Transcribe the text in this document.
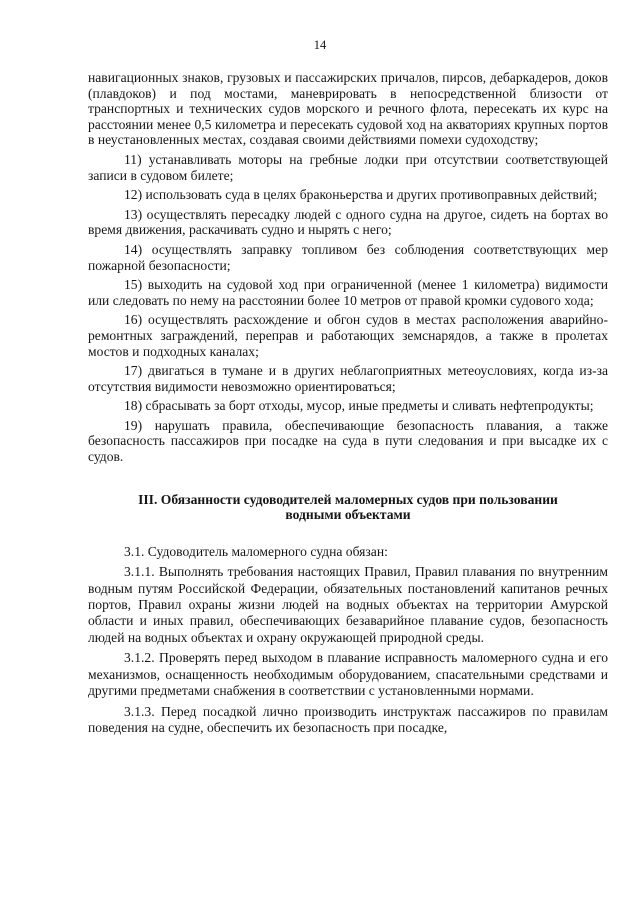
14

навигационных знаков, грузовых и пассажирских причалов, пирсов, дебаркадеров, доков (плавдоков) и под мостами, маневрировать в непосредственной близости от транспортных и технических судов морского и речного флота, пересекать их курс на расстоянии менее 0,5 километра и пересекать судовой ход на акваториях крупных портов в неустановленных местах, создавая своими действиями помехи судоходству;

11) устанавливать моторы на гребные лодки при отсутствии соответствующей записи в судовом билете;

12) использовать суда в целях браконьерства и других противоправных действий;

13) осуществлять пересадку людей с одного судна на другое, сидеть на бортах во время движения, раскачивать судно и нырять с него;

14) осуществлять заправку топливом без соблюдения соответствующих мер пожарной безопасности;

15) выходить на судовой ход при ограниченной (менее 1 километра) видимости или следовать по нему на расстоянии более 10 метров от правой кромки судового хода;

16) осуществлять расхождение и обгон судов в местах расположения аварийно-ремонтных заграждений, переправ и работающих земснарядов, а также в пролетах мостов и подходных каналах;

17) двигаться в тумане и в других неблагоприятных метеоусловиях, когда из-за отсутствия видимости невозможно ориентироваться;

18) сбрасывать за борт отходы, мусор, иные предметы и сливать нефтепродукты;

19) нарушать правила, обеспечивающие безопасность плавания, а также безопасность пассажиров при посадке на суда в пути следования и при высадке их с судов.

III. Обязанности судоводителей маломерных судов при пользовании
водными объектами

3.1. Судоводитель маломерного судна обязан:

3.1.1. Выполнять требования настоящих Правил, Правил плавания по внутренним водным путям Российской Федерации, обязательных постановлений капитанов речных портов, Правил охраны жизни людей на водных объектах на территории Амурской области и иных правил, обеспечивающих безаварийное плавание судов, безопасность людей на водных объектах и охрану окружающей природной среды.

3.1.2. Проверять перед выходом в плавание исправность маломерного судна и его механизмов, оснащенность необходимым оборудованием, спасательными средствами и другими предметами снабжения в соответствии с установленными нормами.

3.1.3. Перед посадкой лично производить инструктаж пассажиров по правилам поведения на судне, обеспечить их безопасность при посадке,
